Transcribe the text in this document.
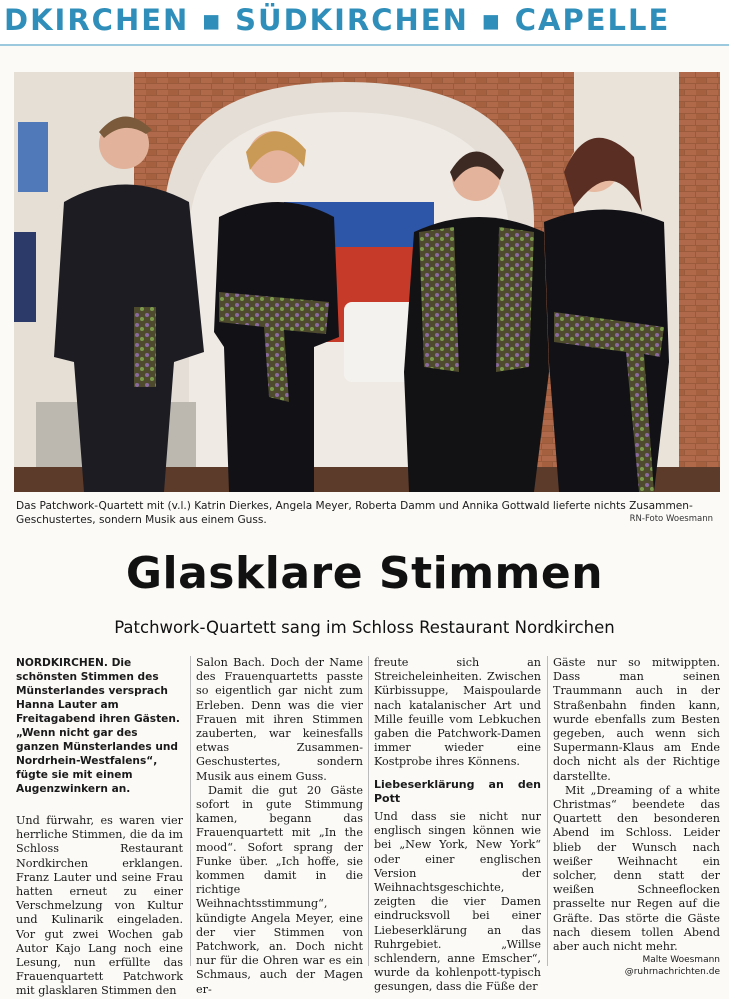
DKIRCHEN ▪ SÜDKIRCHEN ▪ CAPELLE
Das Patchwork-Quartett mit (v.l.) Katrin Dierkes, Angela Meyer, Roberta Damm und Annika Gottwald lieferte nichts Zusammen-Geschustertes, sondern Musik aus einem Guss.	RN-Foto Woesmann
Glasklare Stimmen
Patchwork-Quartett sang im Schloss Restaurant Nordkirchen

NORDKIRCHEN. Die schönsten Stimmen des Münsterlandes versprach Hanna Lauter am Freitagabend ihren Gästen. „Wenn nicht gar des ganzen Münsterlandes und Nordrhein-Westfalens“, fügte sie mit einem Augenzwinkern an.

Und fürwahr, es waren vier herrliche Stimmen, die da im Schloss Restaurant Nordkirchen erklangen. Franz Lauter und seine Frau hatten erneut zu einer Verschmelzung von Kultur und Kulinarik eingeladen. Vor gut zwei Wochen gab Autor Kajo Lang noch eine Lesung, nun erfüllte das Frauenquartett Patchwork mit glasklaren Stimmen den

Salon Bach. Doch der Name des Frauenquartetts passte so eigentlich gar nicht zum Erleben. Denn was die vier Frauen mit ihren Stimmen zauberten, war keinesfalls etwas Zusammen-Geschustertes, sondern Musik aus einem Guss.

Damit die gut 20 Gäste sofort in gute Stimmung kamen, begann das Frauenquartett mit „In the mood“. Sofort sprang der Funke über. „Ich hoffe, sie kommen damit in die richtige Weihnachtsstimmung“, kündigte Angela Meyer, eine der vier Stimmen von Patchwork, an. Doch nicht nur für die Ohren war es ein Schmaus, auch der Magen er-

freute sich an Streicheleinheiten. Zwischen Kürbissuppe, Maispoularde nach katalanischer Art und Mille feuille vom Lebkuchen gaben die Patchwork-Damen immer wieder eine Kostprobe ihres Könnens.

Liebeserklärung an den Pott

Und dass sie nicht nur englisch singen können wie bei „New York, New York“ oder einer englischen Version der Weihnachtsgeschichte, zeigten die vier Damen eindrucksvoll bei einer Liebeserklärung an das Ruhrgebiet. „Willse schlendern, anne Emscher“, wurde da kohlenpott-typisch gesungen, dass die Füße der

Gäste nur so mitwippten. Dass man seinen Traummann auch in der Straßenbahn finden kann, wurde ebenfalls zum Besten gegeben, auch wenn sich Supermann-Klaus am Ende doch nicht als der Richtige darstellte.

Mit „Dreaming of a white Christmas“ beendete das Quartett den besonderen Abend im Schloss. Leider blieb der Wunsch nach weißer Weihnacht ein solcher, denn statt der weißen Schneeflocken prasselte nur Regen auf die Gräfte. Das störte die Gäste nach diesem tollen Abend aber auch nicht mehr.

Malte Woesmann

@ruhrnachrichten.de
